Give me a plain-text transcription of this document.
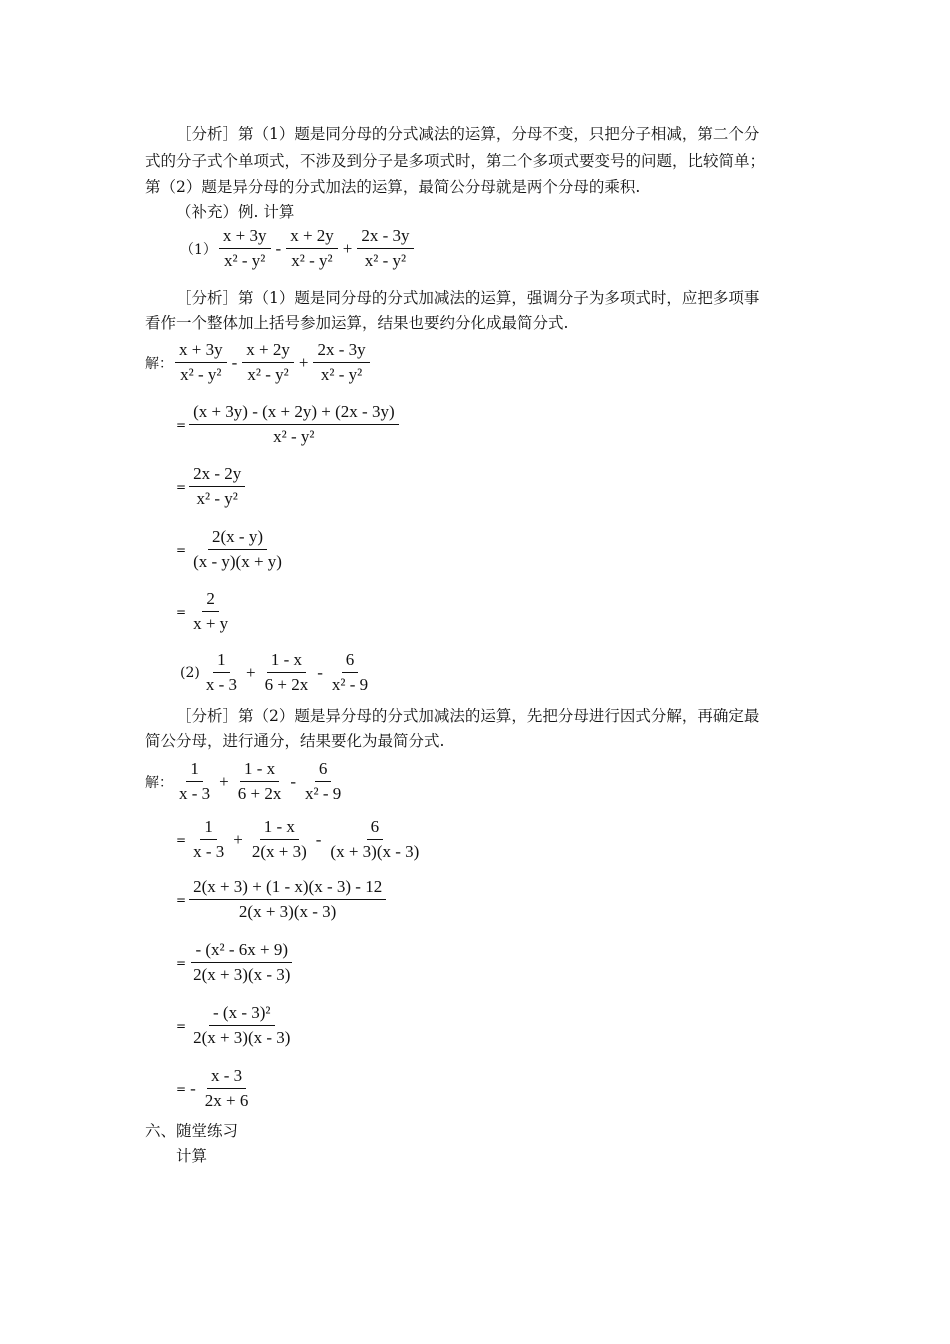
［分析］第（1）题是同分母的分式减法的运算，分母不变，只把分子相减，第二个分
式的分子式个单项式，不涉及到分子是多项式时，第二个多项式要变号的问题，比较简单；
第（2）题是异分母的分式加法的运算，最简公分母就是两个分母的乘积.
（补充）例. 计算
$(1) \frac{x + 3y}{\text{x² - y²}} - \frac{x + 2y}{\text{x² - y²}} + \frac{2x - 3y}{\text{x² - y²}}$
［分析］第（1）题是同分母的分式加减法的运算，强调分子为多项式时，应把多项事
看作一个整体加上括号参加运算，结果也要约分化成最简分式.
解： $\frac{x + 3y}{\text{x² - y²}} - \frac{x + 2y}{\text{x² - y²}} + \frac{2x - 3y}{\text{x² - y²}}$
= $\frac{(x + 3y) - (x + 2y) + (2x - 3y)}{\text{x² - y²}}$
= $\frac{2x - 2y}{\text{x² - y²}}$
= $\frac{2(x - y)}{(x - y)(x + y)}$
= $\frac{2}{x + y}$
$(2) \frac{1}{x - 3} + \frac{1 - x}{6 + 2x} - \frac{6}{\text{x² - 9}}$
［分析］第（2）题是异分母的分式加减法的运算，先把分母进行因式分解，再确定最
简公分母，进行通分，结果要化为最简分式.
解： $\frac{1}{x - 3} + \frac{1 - x}{6 + 2x} - \frac{6}{\text{x² - 9}}$
= $\frac{1}{x - 3} + \frac{1 - x}{2(x + 3)} - \frac{6}{(x + 3)(x - 3)}$
= $\frac{2(x + 3) + (1 - x)(x - 3) - 12}{2(x + 3)(x - 3)}$
= $\frac{\text{- (x² - 6x + 9)}}{2(x + 3)(x - 3)}$
= $\frac{\text{- (x - 3)²}}{2(x + 3)(x - 3)}$
= - $\frac{x - 3}{2x + 6}$
六、随堂练习
计算
